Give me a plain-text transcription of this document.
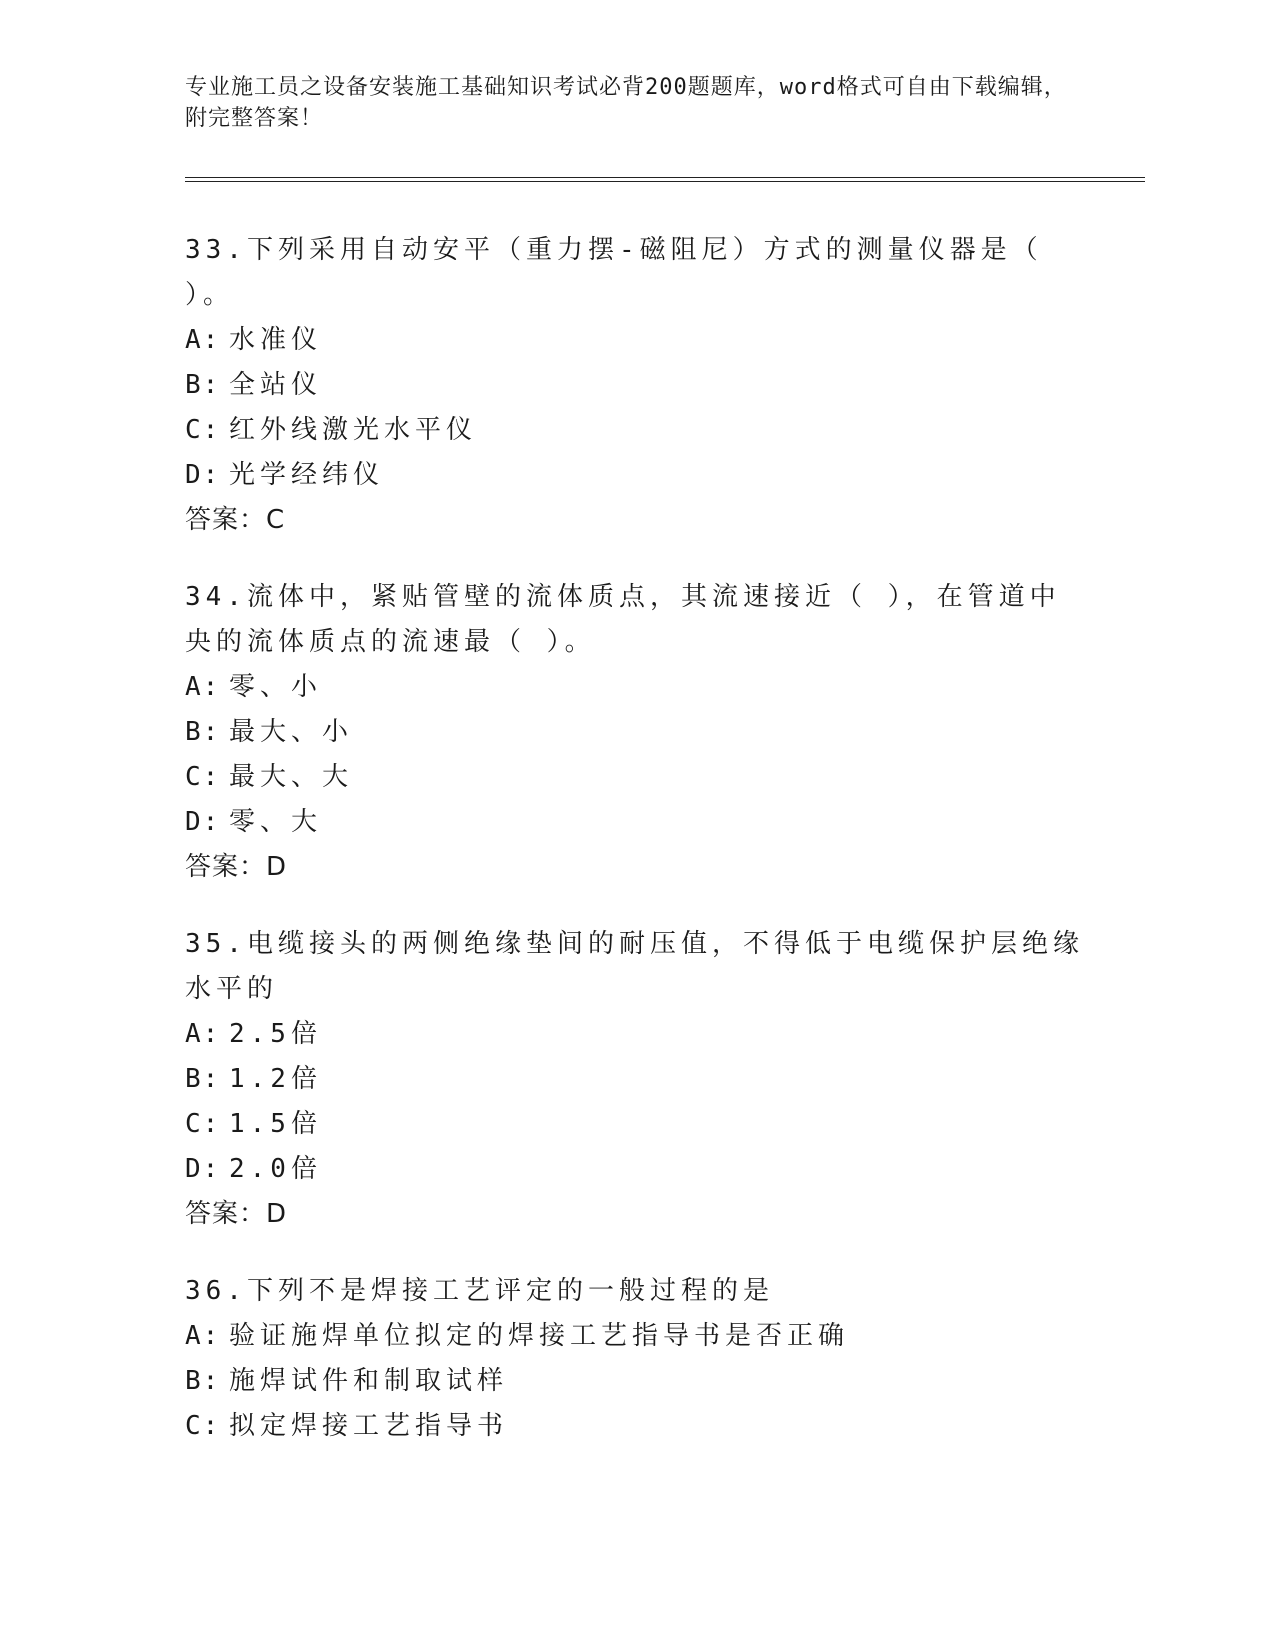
专业施工员之设备安装施工基础知识考试必背200题题库，word格式可自由下载编辑，附完整答案！
33.下列采用自动安平（重力摆-磁阻尼）方式的测量仪器是（ ）。
A: 水准仪
B: 全站仪
C: 红外线激光水平仪
D: 光学经纬仪
答案：C
34.流体中，紧贴管壁的流体质点，其流速接近（ ），在管道中央的流体质点的流速最（ ）。
A: 零、小
B: 最大、小
C: 最大、大
D: 零、大
答案：D
35.电缆接头的两侧绝缘垫间的耐压值，不得低于电缆保护层绝缘水平的
A: 2.5倍
B: 1.2倍
C: 1.5倍
D: 2.0倍
答案：D
36.下列不是焊接工艺评定的一般过程的是
A: 验证施焊单位拟定的焊接工艺指导书是否正确
B: 施焊试件和制取试样
C: 拟定焊接工艺指导书
